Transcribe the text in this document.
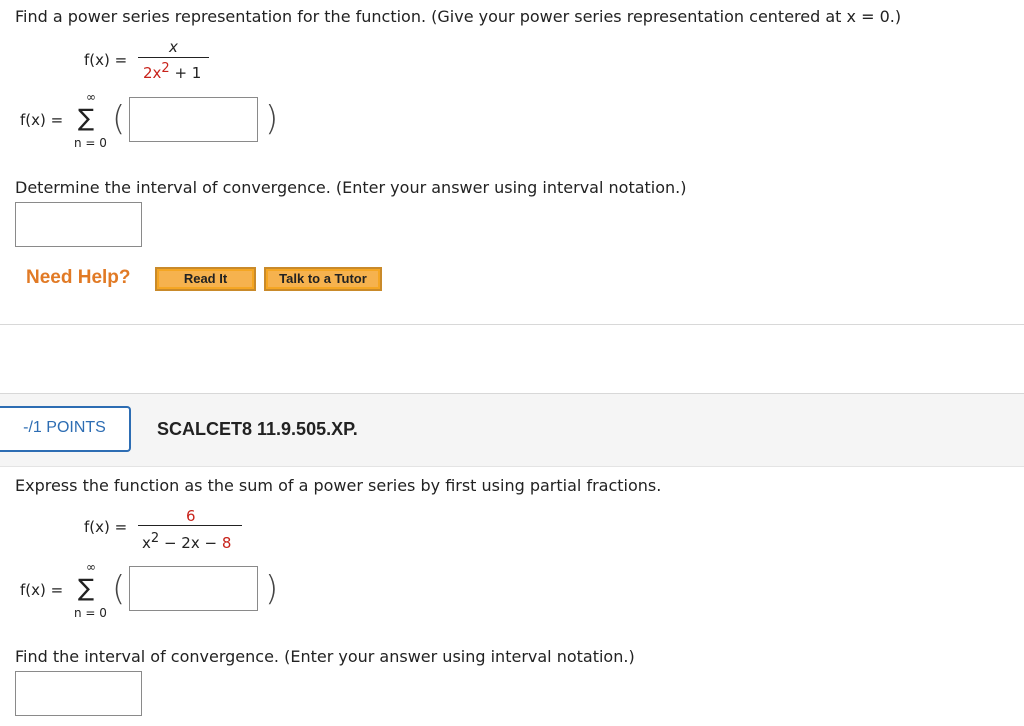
Find a power series representation for the function. (Give your power series representation centered at x = 0.)
f(x) =
x
$2x^2 + 1$
f(x) =
∞
∑
n = 0
(	)
Determine the interval of convergence. (Enter your answer using interval notation.)
Need Help?	Read It	Talk to a Tutor
-/1 POINTS	SCALCET8 11.9.505.XP.
Express the function as the sum of a power series by first using partial fractions.
f(x) =
6
$x^2 - 2x - 8$
f(x) =
∞
∑
n = 0
(	)
Find the interval of convergence. (Enter your answer using interval notation.)
